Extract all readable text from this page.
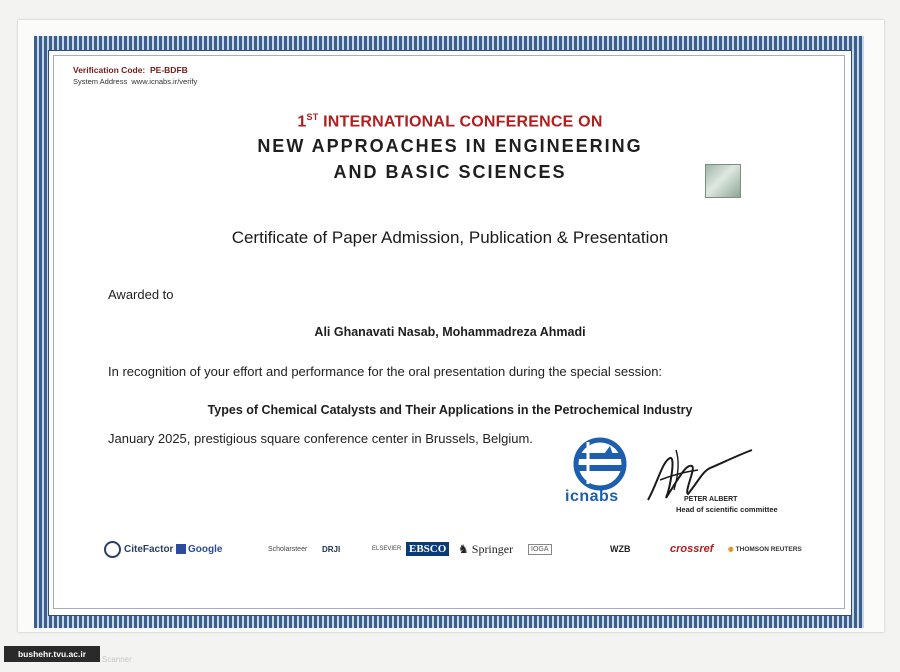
Verification Code: PE-BDFB
System Address www.icnabs.ir/verify
1ST INTERNATIONAL CONFERENCE ON
NEW APPROACHES IN ENGINEERING
AND BASIC SCIENCES
Certificate of Paper Admission, Publication & Presentation
Awarded to
Ali Ghanavati Nasab, Mohammadreza Ahmadi
In recognition of your effort and performance for the oral presentation during the special session:
Types of Chemical Catalysts and Their Applications in the Petrochemical Industry
January 2025, prestigious square conference center in Brussels, Belgium.
icnabs	PETER ALBERT
Head of scientific committee
CiteFactor Google	Scholarsteer DRJI	ELSEVIER EBSCO ♞ Springer	IOGA	WZB	crossref ◉ THOMSON REUTERS
bushehr.tvu.ac.ir
Scanner
